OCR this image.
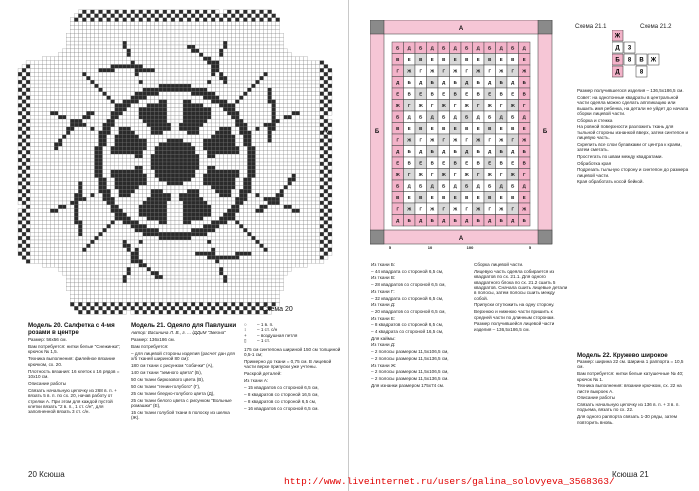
Схема 20
А
Модель 20. Салфетка с 4-мя розами в центре

Размер: 56х56 см.

Вам потребуется: нитки белые "Снежинка"; крючок № 1,5.

Техника выполнения: филейное вязание крючком, сх. 20.

Плотность вязания: 16 клеток х 16 рядов = 10х10 см.

Описание работы

Связать начальную цепочку из 268 в. п. + вязать 5 в. п. по сх. 20, начав работу от стрелки А. При этом для каждой пустой клетки вязать "2 в. п., 1 ст. с/н", для заполненной вязать 3 ст. с/н.

Модель 21. Одеяло для Павлушки

Автор: Васинина Л. В., г. ... /ДДиМ "Звезна"

Размер: 136х186 см.

Вам потребуется:

– для лицевой стороны изделия (расчет дан для х/б тканей шириной 80 см):

180 см ткани с рисунком "собачки" (А),

140 см ткани "земного цвета" (Б),

50 см ткани бирюзового цвета (В),

50 см ткани "гении-голубого" (Г),

25 см ткани бледно-голубого цвета (Д),

25 см ткани белого цвета с рисунком "Вольные ромашки" (Е),

15 см ткани голубой ткани в полоску из шелка (Ж).

○	– 1 в. п.
↕	– 1 ст. с/н
+	– воздушная петля
▯	– 1 ст.

175 см синтепона шириной 150 см толщиной 0,5-1 см;

Примерно до ткани = 0,75 см. В лицевой части верхе припуски уже учтены.

Раскрой деталей:

Из ткани А:

– 15 квадратов со стороной 6,5 см,

– 8 квадратов со стороной 16,5 см,

– 8 квадратов со стороной 6,5 см,

– 16 квадратов со стороной 6,5 см.

20 Ксюша
А
А
Б	Б
Б Д Б Д Б Д Б Д Б Д Б Д
В Е В Е В Е В Е В Е В Е
Г Ж Г Ж Г Ж Г Ж Г Ж Г Ж
Д Б Д Б Д Б Д Б Д Б Д Б
Е В Е В Е В Е В Е В Е В
Ж Г Ж Г Ж Г Ж Г Ж Г Ж Г
Б Д Б Д Б Д Б Д Б Д Б Д
В Е В Е В Е В Е В Е В Е
Г Ж Г Ж Г Ж Г Ж Г Ж Г Ж
Д Б Д Б Д Б Д Б Д Б Д Б
Е В Е В Е В Е В Е В Е В
Ж Г Ж Г Ж Г Ж Г Ж Г Ж Г
Б Д Б Д Б Д Б Д Б Д Б Д
В Е В Е В Е В Е В Е В Е
Г Ж Г Ж Г Ж Г Ж Г Ж Г Ж
Д Б Д Б Д Б Д Б Д Б Д Б
5	10	100	5
Схема 21.1	Схема 21.2
Ж
Д 3
Б 8 В
Д	8
Ж

Из ткани Б:

– 44 квадрата со стороной 6,5 см,

Из ткани В:

– 28 квадратов со стороной 6,5 см,

Из ткани Г:

– 32 квадрата со стороной 6,5 см,

Из ткани Д:

– 20 квадратов со стороной 6,5 см,

Из ткани Е:

– 8 квадратов со стороной 6,5 см,

– 4 квадрата со стороной 16,5 см,

Для каймы:

Из ткани Д:

– 2 полосы размером 11,5х106,5 см,

– 2 полосы размером 11,5х136,5 см,

Из ткани Ж:

– 2 полосы размером 11,5х106,5 см,

– 2 полосы размером 11,5х136,5 см.

Для изнанки размером 175х74 см.

Сборка лицевой части.

Лицевую часть одеяла собирается из квадратов по сх. 21.1. Для одного квадратного блока по сх. 21.2 сшить 5 квадратов. Сначала сшить лицевые детали в полосы, затем полосы сшить между собой.

Припуски отутюжить на одну сторону.

Верхнюю и нижнюю части пришить к средней части по длинным сторонам.

Размер получившейся лицевой части изделия – 136,5х186,5 см.

Размер получившегося изделия – 136,5х186,5 см.

Совет: на однотонные квадраты в центральной части одеяла можно сделать аппликацию или вышить имя ребенка, на детали не уйдет до начала сборки лицевой части.

Сборка и стежка

На ровной поверхности разложить ткань для тыльной стороны изнанкой вверх, затем синтепон и лицевую часть.

Скрепить все слои булавками от центра к краям, затем сметать.

Простегать по швам между квадратами.

Обработка края

Подрезать тыльную сторону и синтепон до размера лицевой части.

Края обработать косой бейкой.

Модель 22. Кружево широкое

Размер: ширина 22 см. Ширина 1 раппорта = 10,5 см.

Вам потребуется: нитки белые катушечные № 40; крючок № 1.

Техника выполнения: вязание крючком, сх. 22 на листе выкроек А.

Описание работы

Связать начальную цепочку из 136 в. п. + 3 в. п. подъема, вязать по сх. 22.

Для одного раппорта связать 1-30 ряды, затем повторить вновь.

Ксюша 21
http://www.liveinternet.ru/users/galina_solovyeva_3568363/
